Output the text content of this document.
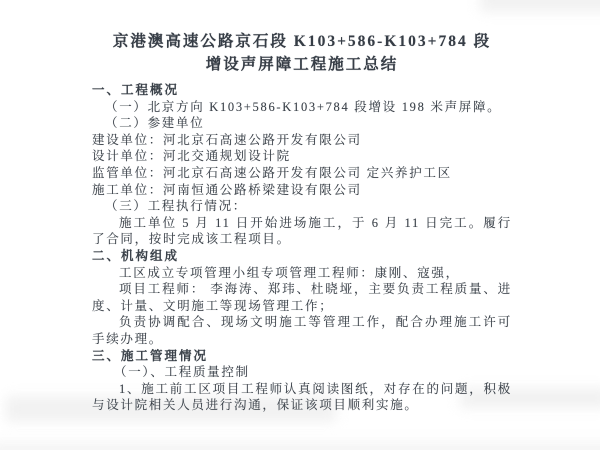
京港澳高速公路京石段 K103+586-K103+784 段
增设声屏障工程施工总结

一、工程概况

（一）北京方向 K103+586-K103+784 段增设 198 米声屏障。

（二）参建单位

建设单位：河北京石高速公路开发有限公司

设计单位：河北交通规划设计院

监管单位：河北京石高速公路开发有限公司 定兴养护工区

施工单位：河南恒通公路桥梁建设有限公司

（三）工程执行情况：

施工单位 5 月 11 日开始进场施工，于 6 月 11 日完工。履行了合同，按时完成该工程项目。

二、机构组成

工区成立专项管理小组专项管理工程师：康刚、寇强，

项目工程师： 李海涛、郑玮、杜晓垭，主要负责工程质量、进度、计量、文明施工等现场管理工作；

负责协调配合、现场文明施工等管理工作，配合办理施工许可手续办理。

三、施工管理情况

（一）、工程质量控制

1、施工前工区项目工程师认真阅读图纸，对存在的问题，积极与设计院相关人员进行沟通，保证该项目顺利实施。
